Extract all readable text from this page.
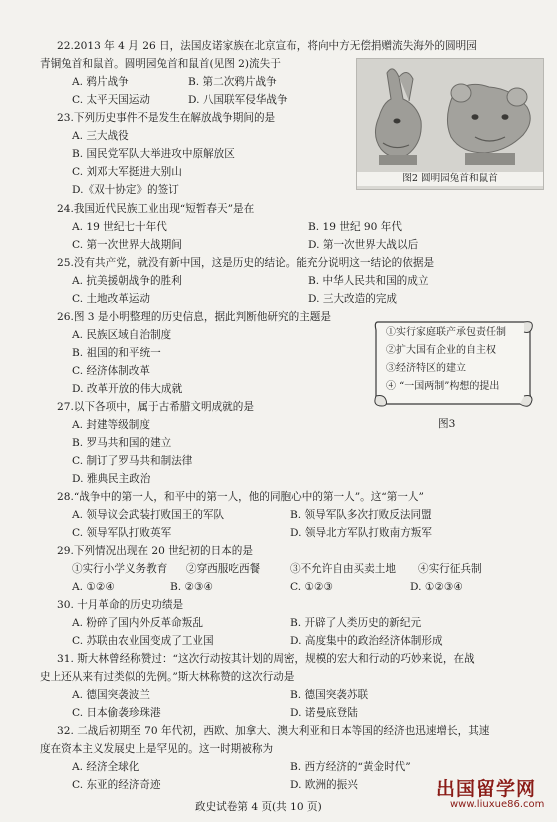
22.2013 年 4 月 26 日，法国皮诺家族在北京宣布，将向中方无偿捐赠流失海外的圆明园
青铜兔首和鼠首。圆明园兔首和鼠首(见图 2)流失于
A. 鸦片战争	B. 第二次鸦片战争
C. 太平天国运动	D. 八国联军侵华战争
图2 圆明园兔首和鼠首
23.下列历史事件不是发生在解放战争期间的是
A. 三大战役
B. 国民党军队大举进攻中原解放区
C. 刘邓大军挺进大别山
D.《双十协定》的签订
24.我国近代民族工业出现“短暂春天”是在
A. 19 世纪七十年代	B. 19 世纪 90 年代
C. 第一次世界大战期间	D. 第一次世界大战以后
25.没有共产党，就没有新中国，这是历史的结论。能充分说明这一结论的依据是
A. 抗美援朝战争的胜利	B. 中华人民共和国的成立
C. 土地改革运动	D. 三大改造的完成
26.图 3 是小明整理的历史信息，据此判断他研究的主题是
A. 民族区域自治制度
B. 祖国的和平统一
C. 经济体制改革
D. 改革开放的伟大成就
①实行家庭联产承包责任制
②扩大国有企业的自主权
③经济特区的建立
④ “一国两制”构想的提出
图3
27.以下各项中，属于古希腊文明成就的是
A. 封建等级制度
B. 罗马共和国的建立
C. 制订了罗马共和制法律
D. 雅典民主政治
28.“战争中的第一人，和平中的第一人，他的同胞心中的第一人”。这“第一人”
A. 领导议会武装打败国王的军队	B. 领导军队多次打败反法同盟
C. 领导军队打败英军	D. 领导北方军队打败南方叛军
29.下列情况出现在 20 世纪初的日本的是
①实行小学义务教育 ②穿西服吃西餐	③不允许自由买卖土地 ④实行征兵制
A. ①②④	B. ②③④	C. ①②③	D. ①②③④
30. 十月革命的历史功绩是
A. 粉碎了国内外反革命叛乱	B. 开辟了人类历史的新纪元
C. 苏联由农业国变成了工业国	D. 高度集中的政治经济体制形成
31. 斯大林曾经称赞过：“这次行动按其计划的周密，规模的宏大和行动的巧妙来说，在战
史上还从来有过类似的先例。”斯大林称赞的这次行动是
A. 德国突袭波兰	B. 德国突袭苏联
C. 日本偷袭珍珠港	D. 诺曼底登陆
32. 二战后初期至 70 年代初，西欧、加拿大、澳大利亚和日本等国的经济也迅速增长，其速
度在资本主义发展史上是罕见的。这一时期被称为
A. 经济全球化	B. 西方经济的“黄金时代”
C. 东亚的经济奇迹	D. 欧洲的振兴
政史试卷第 4 页(共 10 页)
出国留学网
www.liuxue86.com
